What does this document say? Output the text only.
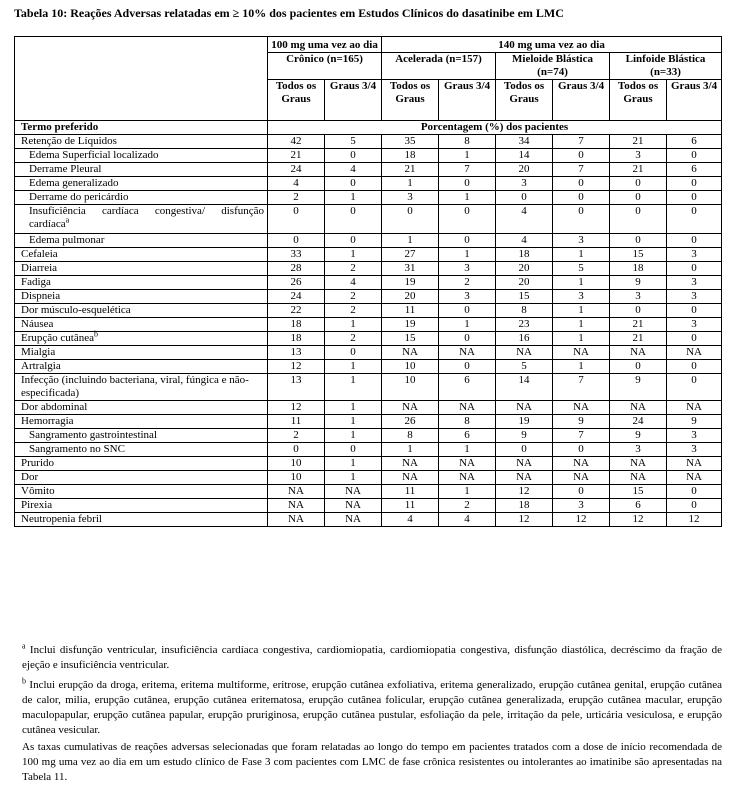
Tabela 10: Reações Adversas relatadas em ≥ 10% dos pacientes em Estudos Clínicos do dasatinibe em LMC
	100 mg uma vez ao dia		140 mg uma vez ao dia					
	Crônico (n=165)		Acelerada (n=157)		Mieloide Blástica (n=74)		Linfoide Blástica (n=33)	
	Todos os Graus	Graus 3/4	Todos os Graus	Graus 3/4	Todos os Graus	Graus 3/4	Todos os Graus	Graus 3/4
Termo preferido	Porcentagem (%) dos pacientes							
Retenção de Líquidos	42	5	35	8	34	7	21	6
Edema Superficial localizado	21	0	18	1	14	0	3	0
Derrame Pleural	24	4	21	7	20	7	21	6
Edema generalizado	4	0	1	0	3	0	0	0
Derrame do pericárdio	2	1	3	1	0	0	0	0
Insuficiência cardíaca congestiva/ disfunção cardíaca$^a$	0	0	0	0	4	0	0	0
Edema pulmonar	0	0	1	0	4	3	0	0
Cefaleia	33	1	27	1	18	1	15	3
Diarreia	28	2	31	3	20	5	18	0
Fadiga	26	4	19	2	20	1	9	3
Dispneia	24	2	20	3	15	3	3	3
Dor músculo-esquelética	22	2	11	0	8	1	0	0
Náusea	18	1	19	1	23	1	21	3
Erupção cutânea$^b$	18	2	15	0	16	1	21	0
Mialgia	13	0	NA	NA	NA	NA	NA	NA
Artralgia	12	1	10	0	5	1	0	0
Infecção (incluindo bacteriana, viral, fúngica e não-especificada)	13	1	10	6	14	7	9	0
Dor abdominal	12	1	NA	NA	NA	NA	NA	NA
Hemorragia	11	1	26	8	19	9	24	9
Sangramento gastrointestinal	2	1	8	6	9	7	9	3
Sangramento no SNC	0	0	1	1	0	0	3	3
Prurido	10	1	NA	NA	NA	NA	NA	NA
Dor	10	1	NA	NA	NA	NA	NA	NA
Vômito	NA	NA	11	1	12	0	15	0
Pirexia	NA	NA	11	2	18	3	6	0
Neutropenia febril	NA	NA	4	4	12	12	12	12
$^a$ Inclui disfunção ventricular, insuficiência cardíaca congestiva, cardiomiopatia, cardiomiopatia congestiva, disfunção diastólica, decréscimo da fração de ejeção e insuficiência ventricular.
$^b$ Inclui erupção da droga, eritema, eritema multiforme, eritrose, erupção cutânea exfoliativa, eritema generalizado, erupção cutânea genital, erupção cutânea de calor, milia, erupção cutânea, erupção cutânea eritematosa, erupção cutânea folicular, erupção cutânea generalizada, erupção cutânea macular, erupção maculopapular, erupção cutânea papular, erupção pruriginosa, erupção cutânea pustular, esfoliação da pele, irritação da pele, urticária vesiculosa, e erupção cutânea vesicular.
As taxas cumulativas de reações adversas selecionadas que foram relatadas ao longo do tempo em pacientes tratados com a dose de início recomendada de 100 mg uma vez ao dia em um estudo clínico de Fase 3 com pacientes com LMC de fase crônica resistentes ou intolerantes ao imatinibe são apresentadas na Tabela 11.
